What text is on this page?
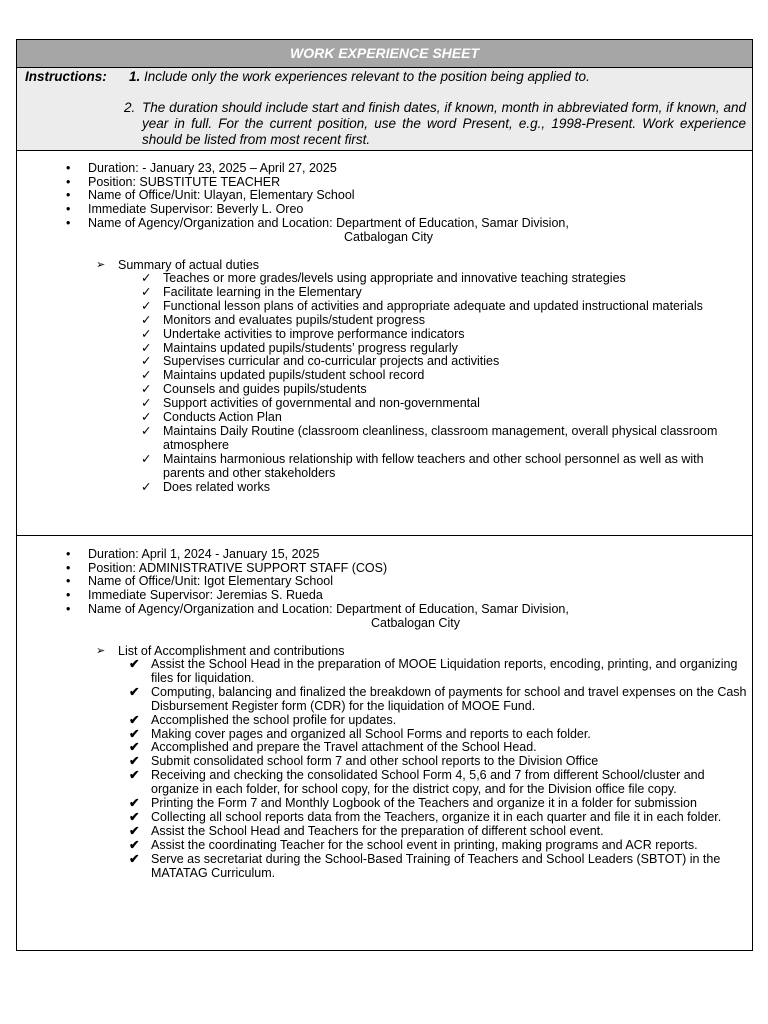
WORK EXPERIENCE SHEET
Instructions: 1. Include only the work experiences relevant to the position being applied to.
2. The duration should include start and finish dates, if known, month in abbreviated form, if known, and year in full. For the current position, use the word Present, e.g., 1998-Present. Work experience should be listed from most recent first.
• Duration: - January 23, 2025 – April 27, 2025
• Position: SUBSTITUTE TEACHER
• Name of Office/Unit: Ulayan, Elementary School
• Immediate Supervisor: Beverly L. Oreo
• Name of Agency/Organization and Location: Department of Education, Samar Division,
Catbalogan City
➢ Summary of actual duties
✓ Teaches or more grades/levels using appropriate and innovative teaching strategies
✓ Facilitate learning in the Elementary
✓ Functional lesson plans of activities and appropriate adequate and updated instructional materials
✓ Monitors and evaluates pupils/student progress
✓ Undertake activities to improve performance indicators
✓ Maintains updated pupils/students’ progress regularly
✓ Supervises curricular and co-curricular projects and activities
✓ Maintains updated pupils/student school record
✓ Counsels and guides pupils/students
✓ Support activities of governmental and non-governmental
✓ Conducts Action Plan
✓ Maintains Daily Routine (classroom cleanliness, classroom management, overall physical classroom atmosphere
✓ Maintains harmonious relationship with fellow teachers and other school personnel as well as with parents and other stakeholders
✓ Does related works
• Duration: April 1, 2024 - January 15, 2025
• Position: ADMINISTRATIVE SUPPORT STAFF (COS)
• Name of Office/Unit: Igot Elementary School
• Immediate Supervisor: Jeremias S. Rueda
• Name of Agency/Organization and Location: Department of Education, Samar Division,
Catbalogan City
➢ List of Accomplishment and contributions
✔ Assist the School Head in the preparation of MOOE Liquidation reports, encoding, printing, and organizing files for liquidation.
✔ Computing, balancing and finalized the breakdown of payments for school and travel expenses on the Cash Disbursement Register form (CDR) for the liquidation of MOOE Fund.
✔ Accomplished the school profile for updates.
✔ Making cover pages and organized all School Forms and reports to each folder.
✔ Accomplished and prepare the Travel attachment of the School Head.
✔ Submit consolidated school form 7 and other school reports to the Division Office
✔ Receiving and checking the consolidated School Form 4, 5,6 and 7 from different School/cluster and organize in each folder, for school copy, for the district copy, and for the Division office file copy.
✔ Printing the Form 7 and Monthly Logbook of the Teachers and organize it in a folder for submission
✔ Collecting all school reports data from the Teachers, organize it in each quarter and file it in each folder.
✔ Assist the School Head and Teachers for the preparation of different school event.
✔ Assist the coordinating Teacher for the school event in printing, making programs and ACR reports.
✔ Serve as secretariat during the School-Based Training of Teachers and School Leaders (SBTOT) in the MATATAG Curriculum.
